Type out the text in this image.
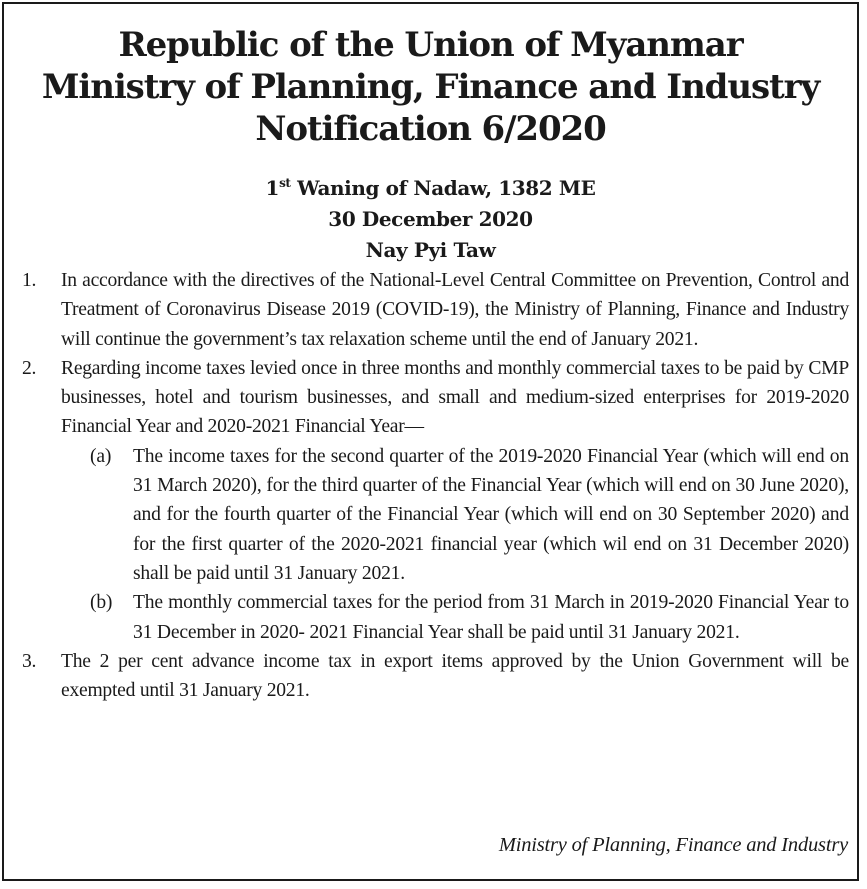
Republic of the Union of Myanmar
Ministry of Planning, Finance and Industry
Notification 6/2020

1st Waning of Nadaw, 1382 ME

30 December 2020

Nay Pyi Taw

1. In accordance with the directives of the National-Level Central Committee on Prevention, Control and Treatment of Coronavirus Disease 2019 (COVID-19), the Ministry of Planning, Finance and Industry will continue the government’s tax relaxation scheme until the end of January 2021.
2. Regarding income taxes levied once in three months and monthly commercial taxes to be paid by CMP businesses, hotel and tourism businesses, and small and medium-sized enterprises for 2019-2020 Financial Year and 2020-2021 Financial Year—
(a) The income taxes for the second quarter of the 2019-2020 Financial Year (which will end on 31 March 2020), for the third quarter of the Financial Year (which will end on 30 June 2020), and for the fourth quarter of the Financial Year (which will end on 30 September 2020) and for the first quarter of the 2020-2021 financial year (which wil end on 31 December 2020) shall be paid until 31 January 2021.
(b) The monthly commercial taxes for the period from 31 March in 2019-2020 Financial Year to 31 December in 2020- 2021 Financial Year shall be paid until 31 January 2021.
3. The 2 per cent advance income tax in export items approved by the Union Government will be exempted until 31 January 2021.
Ministry of Planning, Finance and Industry
